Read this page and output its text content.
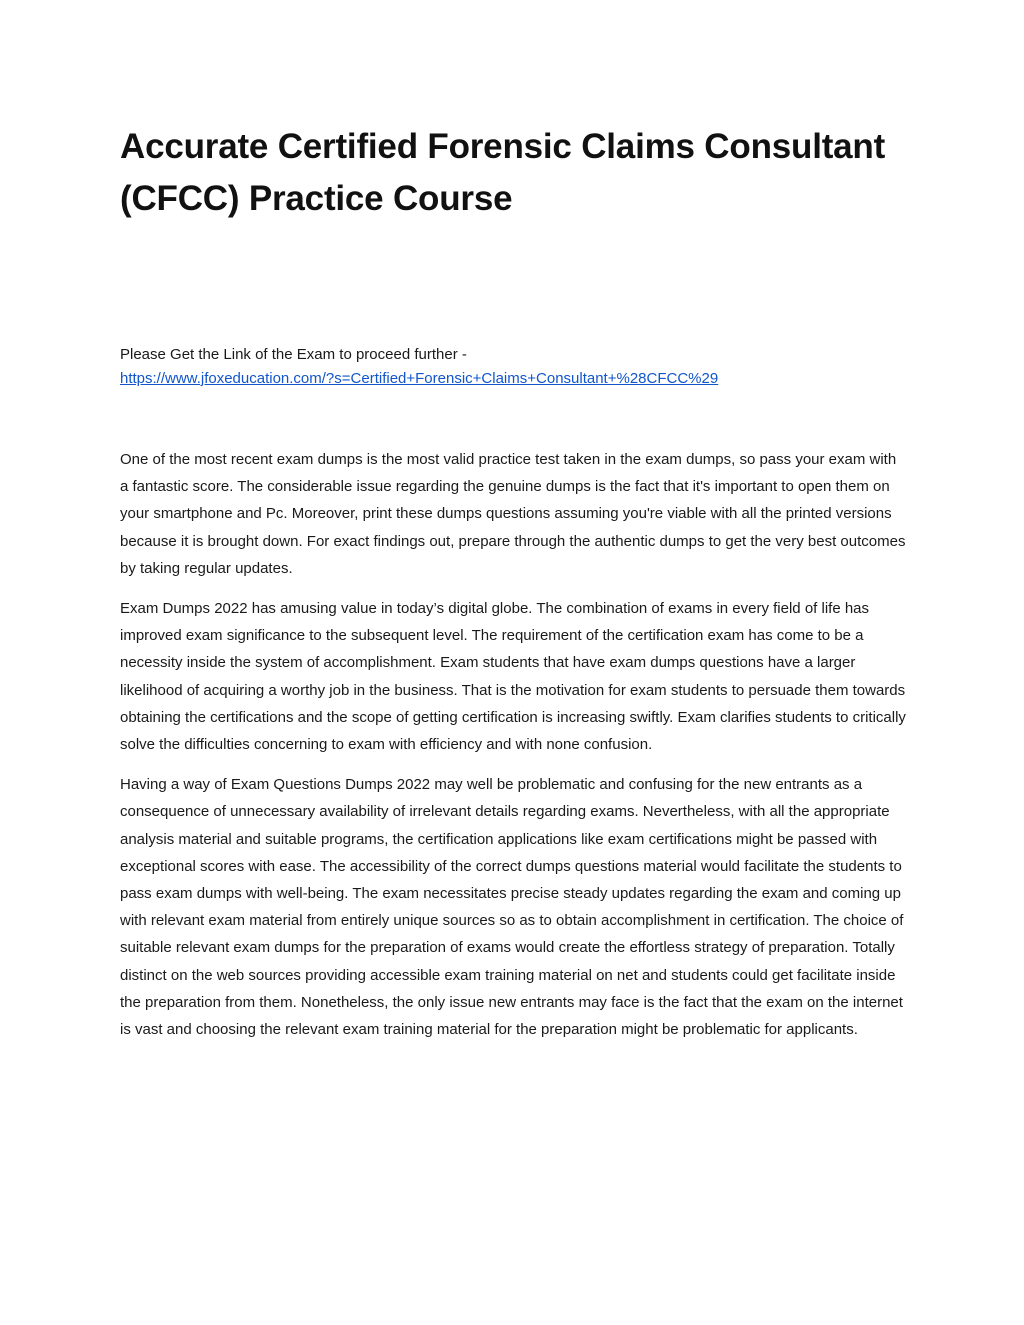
Accurate Certified Forensic Claims Consultant (CFCC) Practice Course
Please Get the Link of the Exam to proceed further -
https://www.jfoxeducation.com/?s=Certified+Forensic+Claims+Consultant+%28CFCC%29

One of the most recent exam dumps is the most valid practice test taken in the exam dumps, so pass your exam with a fantastic score. The considerable issue regarding the genuine dumps is the fact that it's important to open them on your smartphone and Pc. Moreover, print these dumps questions assuming you're viable with all the printed versions because it is brought down. For exact findings out, prepare through the authentic dumps to get the very best outcomes by taking regular updates.

Exam Dumps 2022 has amusing value in today’s digital globe. The combination of exams in every field of life has improved exam significance to the subsequent level. The requirement of the certification exam has come to be a necessity inside the system of accomplishment. Exam students that have exam dumps questions have a larger likelihood of acquiring a worthy job in the business. That is the motivation for exam students to persuade them towards obtaining the certifications and the scope of getting certification is increasing swiftly. Exam clarifies students to critically solve the difficulties concerning to exam with efficiency and with none confusion.

Having a way of Exam Questions Dumps 2022 may well be problematic and confusing for the new entrants as a consequence of unnecessary availability of irrelevant details regarding exams. Nevertheless, with all the appropriate analysis material and suitable programs, the certification applications like exam certifications might be passed with exceptional scores with ease. The accessibility of the correct dumps questions material would facilitate the students to pass exam dumps with well-being. The exam necessitates precise steady updates regarding the exam and coming up with relevant exam material from entirely unique sources so as to obtain accomplishment in certification. The choice of suitable relevant exam dumps for the preparation of exams would create the effortless strategy of preparation. Totally distinct on the web sources providing accessible exam training material on net and students could get facilitate inside the preparation from them. Nonetheless, the only issue new entrants may face is the fact that the exam on the internet is vast and choosing the relevant exam training material for the preparation might be problematic for applicants.
